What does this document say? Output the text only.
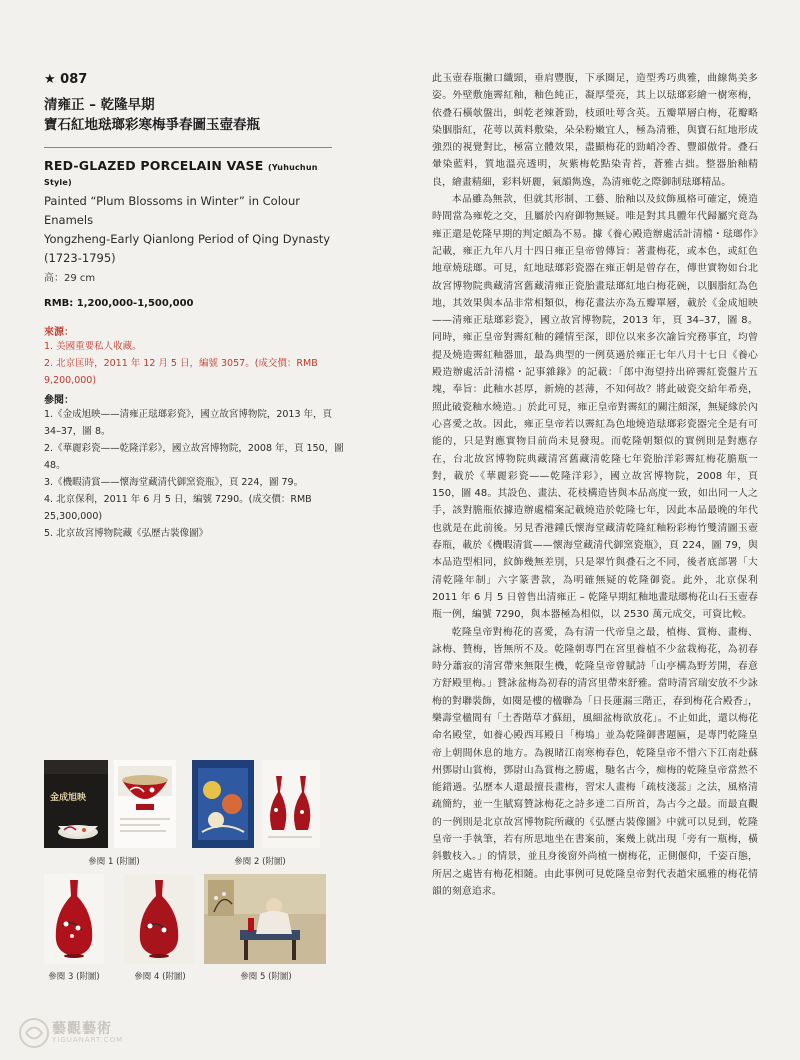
★ 087
清雍正 – 乾隆早期
寶石紅地琺瑯彩寒梅爭春圖玉壺春瓶
RED-GLAZED PORCELAIN VASE (Yuhuchun Style)
Painted “Plum Blossoms in Winter” in Colour Enamels
Yongzheng-Early Qianlong Period of Qing Dynasty (1723-1795)
高：29 cm
RMB: 1,200,000-1,500,000
來源：
1. 美國重要私人收藏。
2. 北京匡時，2011 年 12 月 5 日，編號 3057。(成交價：RMB 9,200,000)
參閱：
1.《金成旭映——清雍正琺瑯彩瓷》，國立故宮博物院，2013 年，頁 34–37，圖 8。
2.《華麗彩瓷——乾隆洋彩》，國立故宮博物院，2008 年，頁 150，圖 48。
3.《機暇清賞——懷海堂藏清代御窯瓷瓶》，頁 224，圖 79。
4. 北京保利，2011 年 6 月 5 日，編號 7290。(成交價：RMB 25,300,000)
5. 北京故宮博物院藏《弘歷古裝像圖》
金成旭映
參閱 1 (附圖)	參閱 2 (附圖)
參閱 3 (附圖)	參閱 4 (附圖)	參閱 5 (附圖)

此玉壺春瓶撇口纖頸，垂肩豐腹，下承圈足，造型秀巧典雅，曲線雋美多姿。外壁敷施霽紅釉，釉色純正，凝厚瑩亮，其上以琺瑯彩繪一樹寒梅，依叠石橫欹盤出，虯乾老辣蒼勁，枝頭吐萼含英。五瓣單層白梅，花瓣略染胭脂紅，花萼以黃料敷染，朵朵粉嫩宜人，極為清雅，與寶石紅地形成強烈的視覺對比，極富立體效果，盡顯梅花的勁峭冷香、豐韻傲骨。叠石暈染藍料，質地溫亮透明，灰紫梅乾點染青苔，蒼雅古拙。整器胎釉精良，繪畫精細，彩料妍麗，氣韻雋逸，為清雍乾之際御制琺瑯精品。

本品雖為無款，但就其形制、工藝、胎釉以及紋飾風格可確定，燒造時間當為雍乾之交，且屬於內府御物無疑。唯是對其具體年代歸屬究竟為雍正還是乾隆早期的判定頗為不易。據《養心殿造辦處活計清檔・琺瑯作》記載，雍正九年八月十四日雍正皇帝曾傳旨：著畫梅花，或本色，或紅色地章燒琺瑯。可見，紅地琺瑯彩瓷器在雍正朝是曾存在，傳世實物如台北故宮博物院典藏清宮舊藏清雍正瓷胎畫琺瑯紅地白梅花碗，以胭脂紅為色地，其效果與本品非常相類似，梅花畫法亦為五瓣單層，載於《金成旭映——清雍正琺瑯彩瓷》，國立故宮博物院，2013 年，頁 34–37，圖 8。同時，雍正皇帝對霽紅釉的鍾情至深，即位以來多次諭旨究務事宜，均曾提及燒造霽紅釉器皿，最為典型的一例莫過於雍正七年八月十七日《養心殿造辦處活計清檔・記事雜錄》的記載：「郎中海望持出碎霽紅瓷盤片五塊，奉旨：此釉水甚厚，新燒的甚薄，不知何故？將此破瓷交給年希堯，照此破瓷釉水燒造。」於此可見，雍正皇帝對霽紅的關注頗深，無疑緣於內心喜愛之故。因此，雍正皇帝若以霽紅為色地燒造琺瑯彩瓷器完全是有可能的，只是對應實物目前尚未見發現。而乾隆朝類似的實例則是對應存在，台北故宮博物院典藏清宮舊藏清乾隆七年瓷胎洋彩霽紅梅花膽瓶一對，載於《華麗彩瓷——乾隆洋彩》，國立故宮博物院，2008 年，頁 150，圖 48。其設色、畫法、花枝構造皆與本品高度一致，如出同一人之手，該對膽瓶依據造辦處檔案記載燒造於乾隆七年，因此本品最晚的年代也就是在此前後。另見香港鍾氏懷海堂藏清乾隆紅釉粉彩梅竹雙清圖玉壺春瓶，載於《機暇清賞——懷海堂藏清代御窯瓷瓶》，頁 224，圖 79，與本品造型相同，紋飾幾無差別，只是翠竹與叠石之不同，後者底部署「大清乾隆年制」六字篆書款，為明確無疑的乾隆御瓷。此外，北京保利 2011 年 6 月 5 日曾售出清雍正 – 乾隆早期紅釉地畫琺瑯梅花山石玉壺春瓶一例，編號 7290，與本器極為相似，以 2530 萬元成交，可資比較。

乾隆皇帝對梅花的喜愛，為有清一代帝皇之最，植梅、賞梅、畫梅、詠梅、贊梅，皆無所不及。乾隆朝專門在宮里養植不少盆栽梅花，為初春時分蕭寂的清宮帶來無限生機，乾隆皇帝曾賦詩「山亭構為野芳開，春意方舒殿里梅。」贊詠盆梅為初春的清宮里帶來舒雅。當時清宮瑞安放不少詠梅的對聯裝飾，如閱是樓的楹聯為「日長蓮漏三階正，春到梅花合殿香」，樂壽堂楹間有「土香階草才蘇紐，風細盆梅欲放花」。不止如此，還以梅花命名殿堂，如養心殿西耳殿日「梅塢」並為乾隆御書題匾，是專門乾隆皇帝上朝間休息的地方。為親睹江南寒梅春色，乾隆皇帝不惜六下江南赴蘇州鄧尉山賞梅，鄧尉山為賞梅之勝處，馳名古今，痴梅的乾隆皇帝當然不能錯過。弘歷本人還最擅長畫梅，習宋人畫梅「疏枝淺蕊」之法，風格清疏簡約，並一生賦寫贊詠梅花之詩多達二百所首，為古今之最。而最直觀的一例則是北京故宮博物院所藏的《弘歷古裝像圖》中就可以見到，乾隆皇帝一手執筆，若有所思地坐在書案前，案幾上就出現「旁有一瓶梅，橫斜數枝入。」的情景，並且身後窗外尚植一樹梅花，正側偃仰，千姿百態，所居之處皆有梅花相隨。由此事例可見乾隆皇帝對代表趙宋風雅的梅花情韻的刻意追求。

藝觀藝術
YIGUANART.COM
